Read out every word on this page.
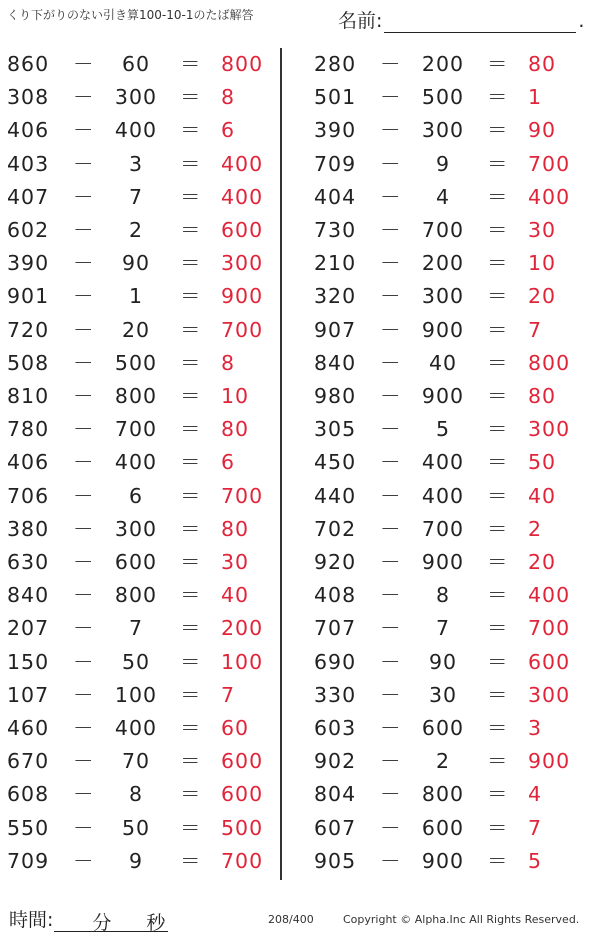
くり下がりのない引き算100-10-1のたば解答	名前:	.
860 －	60	＝ 800
308 －	300	＝ 8
406 －	400	＝ 6
403 －	3	＝ 400
407 －	7	＝ 400
602 －	2	＝ 600
390 －	90	＝ 300
901 －	1	＝ 900
720 －	20	＝ 700
508 －	500	＝ 8
810 －	800	＝ 10
780 －	700	＝ 80
406 －	400	＝ 6
706 －	6	＝ 700
380 －	300	＝ 80
630 －	600	＝ 30
840 －	800	＝ 40
207 －	7	＝ 200
150 －	50	＝ 100
107 －	100	＝ 7
460 －	400	＝ 60
670 －	70	＝ 600
608 －	8	＝ 600
550 －	50	＝ 500
709 －	9	＝ 700
280 －	200	＝ 80
501 －	500	＝ 1
390 －	300	＝ 90
709 －	9	＝ 700
404 －	4	＝ 400
730 －	700	＝ 30
210 －	200	＝ 10
320 －	300	＝ 20
907 －	900	＝ 7
840 －	40	＝ 800
980 －	900	＝ 80
305 －	5	＝ 300
450 －	400	＝ 50
440 －	400	＝ 40
702 －	700	＝ 2
920 －	900	＝ 20
408 －	8	＝ 400
707 －	7	＝ 700
690 －	90	＝ 600
330 －	30	＝ 300
603 －	600	＝ 3
902 －	2	＝ 900
804 －	800	＝ 4
607 －	600	＝ 7
905 －	900	＝ 5
時間: 分 秒	208/400	Copyright © Alpha.Inc All Rights Reserved.
